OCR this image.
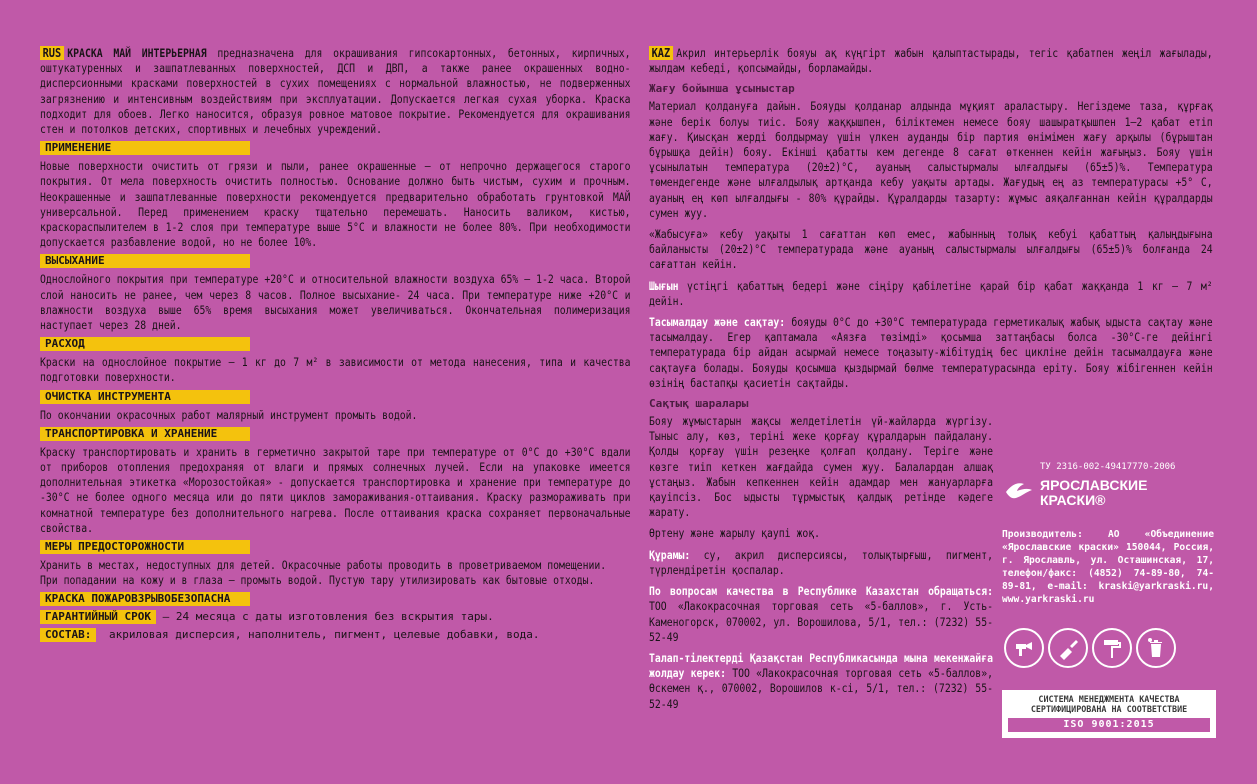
RUS КРАСКА МАЙ ИНТЕРЬЕРНАЯ предназначена для окрашивания гипсокартонных, бетонных, кирпичных, оштукатуренных и зашпатлеванных поверхностей, ДСП и ДВП, а также ранее окрашенных водно-дисперсионными красками поверхностей в сухих помещениях с нормальной влажностью, не подверженных загрязнению и интенсивным воздействиям при эксплуатации. Допускается легкая сухая уборка. Краска подходит для обоев. Легко наносится, образуя ровное матовое покрытие. Рекомендуется для окрашивания стен и потолков детских, спортивных и лечебных учреждений.

ПРИМЕНЕНИЕ

Новые поверхности очистить от грязи и пыли, ранее окрашенные – от непрочно держащегося старого покрытия. От мела поверхность очистить полностью. Основание должно быть чистым, сухим и прочным. Неокрашенные и зашпатлеванные поверхности рекомендуется предварительно обработать грунтовкой МАЙ универсальной. Перед применением краску тщательно перемешать. Наносить валиком, кистью, краскораспылителем в 1-2 слоя при температуре выше 5°С и влажности не более 80%. При необходимости допускается разбавление водой, но не более 10%.

ВЫСЫХАНИЕ

Однослойного покрытия при температуре +20°С и относительной влажности воздуха 65% – 1-2 часа. Второй слой наносить не ранее, чем через 8 часов. Полное высыхание- 24 часа. При температуре ниже +20°С и влажности воздуха выше 65% время высыхания может увеличиваться. Окончательная полимеризация наступает через 28 дней.

РАСХОД

Краски на однослойное покрытие — 1 кг до 7 м² в зависимости от метода нанесения, типа и качества подготовки поверхности.

ОЧИСТКА ИНСТРУМЕНТА

По окончании окрасочных работ малярный инструмент промыть водой.

ТРАНСПОРТИРОВКА И ХРАНЕНИЕ

Краску транспортировать и хранить в герметично закрытой таре при температуре от 0°С до +30°С вдали от приборов отопления предохраняя от влаги и прямых солнечных лучей. Если на упаковке имеется дополнительная этикетка «Морозостойкая» - допускается транспортировка и хранение при температуре до -30°С не более одного месяца или до пяти циклов замораживания-оттаивания. Краску размораживать при комнатной температуре без дополнительного нагрева. После оттаивания краска сохраняет первоначальные свойства.

МЕРЫ ПРЕДОСТОРОЖНОСТИ

Хранить в местах, недоступных для детей. Окрасочные работы проводить в проветриваемом помещении.
При попадании на кожу и в глаза — промыть водой. Пустую тару утилизировать как бытовые отходы.

КРАСКА ПОЖАРОВЗРЫВОБЕЗОПАСНА
ГАРАНТИЙНЫЙ СРОК – 24 месяца с даты изготовления без вскрытия тары.
СОСТАВ: акриловая дисперсия, наполнитель, пигмент, целевые добавки, вода.

KAZ Акрил интерьерлік бояуы ақ күңгірт жабын қалыптастырады, тегіс қабатпен жеңіл жағылады, жылдам кебеді, қопсымайды, борламайды.

Жағу бойынша ұсыныстар

Материал қолдануға дайын. Бояуды қолданар алдында мұқият араластыру. Негіздеме таза, құрғақ және берік болуы тиіс. Бояу жаққышпен, біліктемен немесе бояу шашыратқышпен 1–2 қабат етіп жағу. Қиысқан жерді болдырмау үшін үлкен ауданды бір партия өнімімен жағу арқылы (бұрыштан бұрышқа дейін) бояу. Екінші қабатты кем дегенде 8 сағат өткеннен кейін жағыңыз. Бояу үшін ұсынылатын температура (20±2)°С, ауаның салыстырмалы ылғалдығы (65±5)%. Температура төмендегенде және ылғалдылық артқанда кебу уақыты артады. Жағудың ең аз температурасы +5° С, ауаның ең көп ылғалдығы - 80% құрайды. Құралдарды тазарту: жұмыс аяқалғаннан кейін құралдарды сумен жуу.

«Жабысуға» кебу уақыты 1 сағаттан көп емес, жабынның толық кебуі қабаттың қалыңдығына байланысты (20±2)°С температурада және ауаның салыстырмалы ылғалдығы (65±5)% болғанда 24 сағаттан кейін.

Шығын үстіңгі қабаттың бедері және сіңіру қабілетіне қарай бір қабат жаққанда 1 кг — 7 м² дейін.

Тасымалдау және сақтау: бояуды 0°С до +30°С температурада герметикалық жабық ыдыста сақтау және тасымалдау. Егер қаптамала «Аязға төзімді» қосымша заттаңбасы болса -30°С-ге дейінгі температурада бір айдан асырмай немесе тоңазыту-жібітудің бес циклінe дейін тасымалдауға және сақтауға болады. Бояуды қосымша қыздырмай бөлме температурасында еріту. Бояу жібігеннен кейін өзінің бастапқы қасиетін сақтайды.

Сақтық шаралары

Бояу жұмыстарын жақсы желдетілетін үй-жайларда жүргізу. Тыныс алу, көз, теріні жеке қорғау құралдарын пайдалану. Қолды қорғау үшін резеңке қолғап қолдану. Теріге және көзге тиіп кеткен жағдайда сумен жуу. Балалардан алшақ ұстаңыз. Жабын кепкеннен кейін адамдар мен жануарларға қауіпсіз. Бос ыдысты тұрмыстық қалдық ретінде кәдеге жарату.

Өртену және жарылу қаупі жоқ.

Құрамы: су, акрил дисперсиясы, толықтырғыш, пигмент, түрлендіретін қоспалар.

По вопросам качества в Республике Казахстан обращаться: ТОО «Лакокрасочная торговая сеть «5-баллов», г. Усть-Каменогорск, 070002, ул. Ворошилова, 5/1, тел.: (7232) 55-52-49

Талап-тілектерді Қазақстан Республикасында мына мекенжайға жолдау керек: ТОО «Лакокрасочная торговая сеть «5-баллов», Өскемен қ., 070002, Ворошилов к-сі, 5/1, тел.: (7232) 55-52-49

ТУ 2316-002-49417770-2006
ЯРОСЛАВСКИЕ
КРАСКИ®
Производитель: АО «Объединение «Ярославские краски» 150044, Россия, г. Ярославль, ул. Осташинская, 17, телефон/факс: (4852) 74-89-80, 74-89-81, e-mail: kraski@yarkraski.ru, www.yarkraski.ru
СИСТЕМА МЕНЕДЖМЕНТА КАЧЕСТВА
СЕРТИФИЦИРОВАНА НА СООТВЕТСТВИЕ
ISO 9001:2015
